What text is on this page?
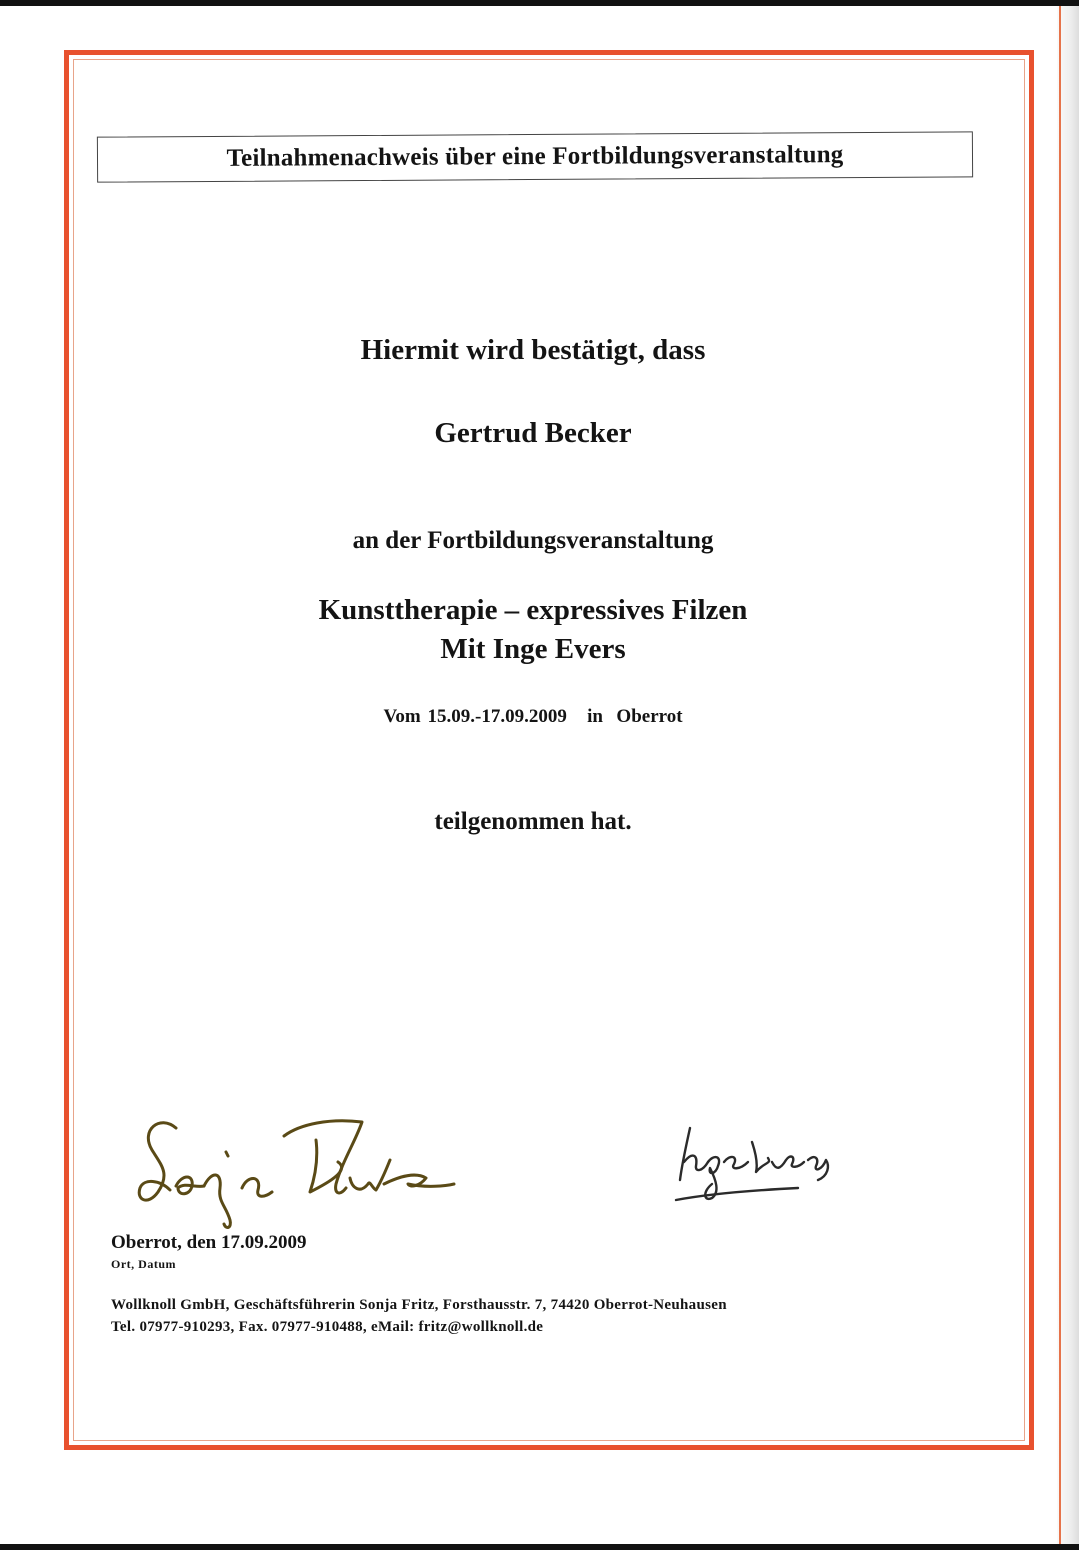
Teilnahmenachweis über eine Fortbildungsveranstaltung

Hiermit wird bestätigt, dass

Gertrud Becker

an der Fortbildungsveranstaltung

Kunsttherapie – expressives Filzen

Mit Inge Evers

Vom 15.09.-17.09.2009   in  Oberrot

teilgenommen hat.

Oberrot, den 17.09.2009

Ort, Datum

Wollknoll GmbH, Geschäftsführerin Sonja Fritz, Forsthausstr. 7, 74420 Oberrot-Neuhausen

Tel. 07977-910293, Fax. 07977-910488, eMail: fritz@wollknoll.de
